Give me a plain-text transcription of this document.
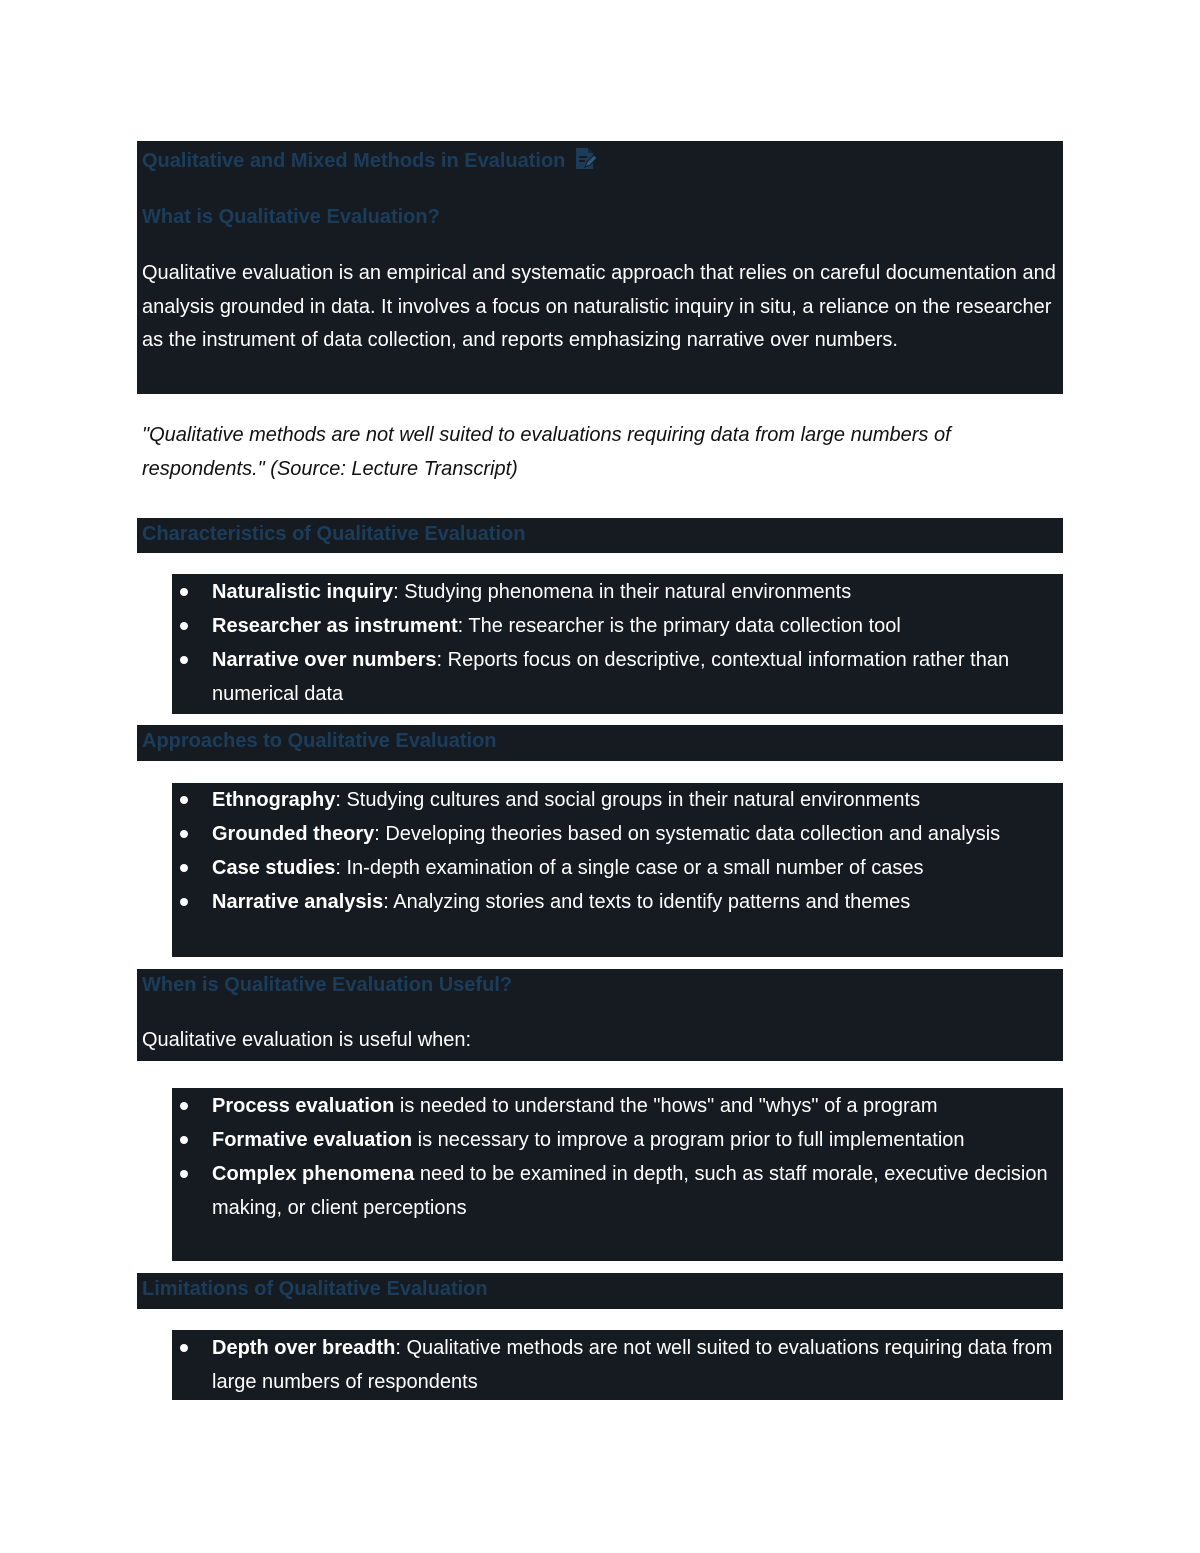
Qualitative and Mixed Methods in Evaluation
What is Qualitative Evaluation?

Qualitative evaluation is an empirical and systematic approach that relies on careful documentation and analysis grounded in data. It involves a focus on naturalistic inquiry in situ, a reliance on the researcher as the instrument of data collection, and reports emphasizing narrative over numbers.

"Qualitative methods are not well suited to evaluations requiring data from large numbers of respondents." (Source: Lecture Transcript)

Characteristics of Qualitative Evaluation
Naturalistic inquiry: Studying phenomena in their natural environments
Researcher as instrument: The researcher is the primary data collection tool
Narrative over numbers: Reports focus on descriptive, contextual information rather than numerical data
Approaches to Qualitative Evaluation
Ethnography: Studying cultures and social groups in their natural environments
Grounded theory: Developing theories based on systematic data collection and analysis
Case studies: In-depth examination of a single case or a small number of cases
Narrative analysis: Analyzing stories and texts to identify patterns and themes
When is Qualitative Evaluation Useful?

Qualitative evaluation is useful when:

Process evaluation is needed to understand the "hows" and "whys" of a program
Formative evaluation is necessary to improve a program prior to full implementation
Complex phenomena need to be examined in depth, such as staff morale, executive decision making, or client perceptions
Limitations of Qualitative Evaluation
Depth over breadth: Qualitative methods are not well suited to evaluations requiring data from large numbers of respondents
